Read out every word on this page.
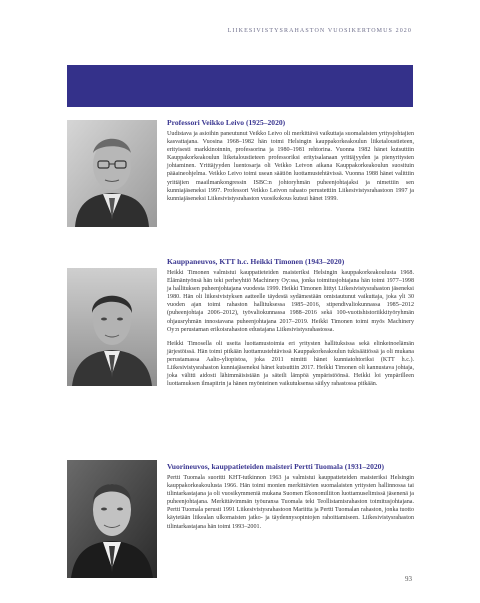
LIIKESIVISTYSRAHASTON VUOSIKERTOMUS 2020
Professori Veikko Leivo (1925–2020)

Uudistava ja asioihin paneutunut Veikko Leivo oli merkittävä vaikuttaja suomalaisten yritysjohtajien kasvattajana. Vuosina 1968–1982 hän toimi Helsingin kauppakorkeakoulun liiketaloustieteen, erityisesti markkinoinnin, professorina ja 1980–1981 rehtorina. Vuonna 1982 hänet kutsuttiin Kauppakorkeakoulun liiketaloustieteen professoriksi erityisalanaan yrittäjyyden ja pienyritysten johtaminen. Yrittäjyyden luentosarja oli Veikko Leivon aikana Kauppakorkeakoulun suosituin pääaineohjelma. Veikko Leivo toimi usean säätiön luottamustehtävissä. Vuonna 1988 hänet valittiin yrittäjien maailmankongressin ISBC:n johtoryhmän puheenjohtajaksi ja nimettiin sen kunniajäseneksi 1997. Professori Veikko Leivon rahasto perustettiin Liikesivistysrahastoon 1997 ja kunniajäseneksi Liikesivistysrahaston vuosikokous kutsui hänet 1999.

Kauppaneuvos, KTT h.c. Heikki Timonen (1943–2020)

Heikki Timonen valmistui kauppatieteiden maisteriksi Helsingin kauppakorkeakoulusta 1968. Elämäntyönsä hän teki perheyhtiö Machinery Oy:ssa, jonka toimitusjohtajana hän toimi 1977–1998 ja hallituksen puheenjohtajana vuodesta 1999. Heikki Timonen liittyi Liikesivistysrahaston jäseneksi 1980. Hän oli liikesivistyksen aatteelle täydestä sydämestään omistautunut vaikuttaja, joka yli 30 vuoden ajan toimi rahaston hallituksessa 1985–2016, stipendivaliokunnassa 1985–2012 (puheenjohtaja 2006–2012), työvaliokunnassa 1988–2016 sekä 100-vuotishistoriikkityöryhmän ohjausryhmän innostavana puheenjohtajana 2017–2019. Heikki Timonen toimi myös Machinery Oy:n perustaman erikoisrahaston edustajana Liikesivistysrahastossa.

Heikki Timosella oli useita luottamustoimia eri yritysten hallituksissa sekä elinkeinoelämän järjestöissä. Hän toimi pitkään luottamustehtävissä Kauppakorkeakoulun tukisäätiössä ja oli mukana perustamassa Aalto-yliopistoa, joka 2011 nimitti hänet kunniatohtoriksi (KTT h.c.). Liikesivistysrahaston kunniajäseneksi hänet kutsuttiin 2017. Heikki Timonen oli kannustava johtaja, joka välitti aidosti lähimmäisistään ja säteili lämpöä ympäristöönsä. Heikki loi ympärilleen luottamuksen ilmapiirin ja hänen myönteinen vaikutuksensa säilyy rahastossa pitkään.

Vuorineuvos, kauppatieteiden maisteri Pertti Tuomala (1931–2020)

Pertti Tuomala suoritti KHT-tutkinnon 1963 ja valmistui kauppatieteiden maisteriksi Helsingin kauppakorkeakoulusta 1966. Hän toimi monien merkittävien suomalaisten yritysten hallinnossa tai tilintarkastajana ja oli vuosikymmeniä mukana Suomen Ekonomiliiton luottamuselimissä jäsenenä ja puheenjohtajana. Merkittävimmän työuransa Tuomala teki Teollistamisrahaston toimitusjohtajana. Pertti Tuomala perusti 1991 Liikesivistysrahastoon Mariitta ja Pertti Tuomalan rahaston, jonka tuotto käytetään liikealan ulkomaisten jatko- ja täydennysopintojen rahoittamiseen. Liikesivistysrahaston tilintarkastajana hän toimi 1993–2001.

93
